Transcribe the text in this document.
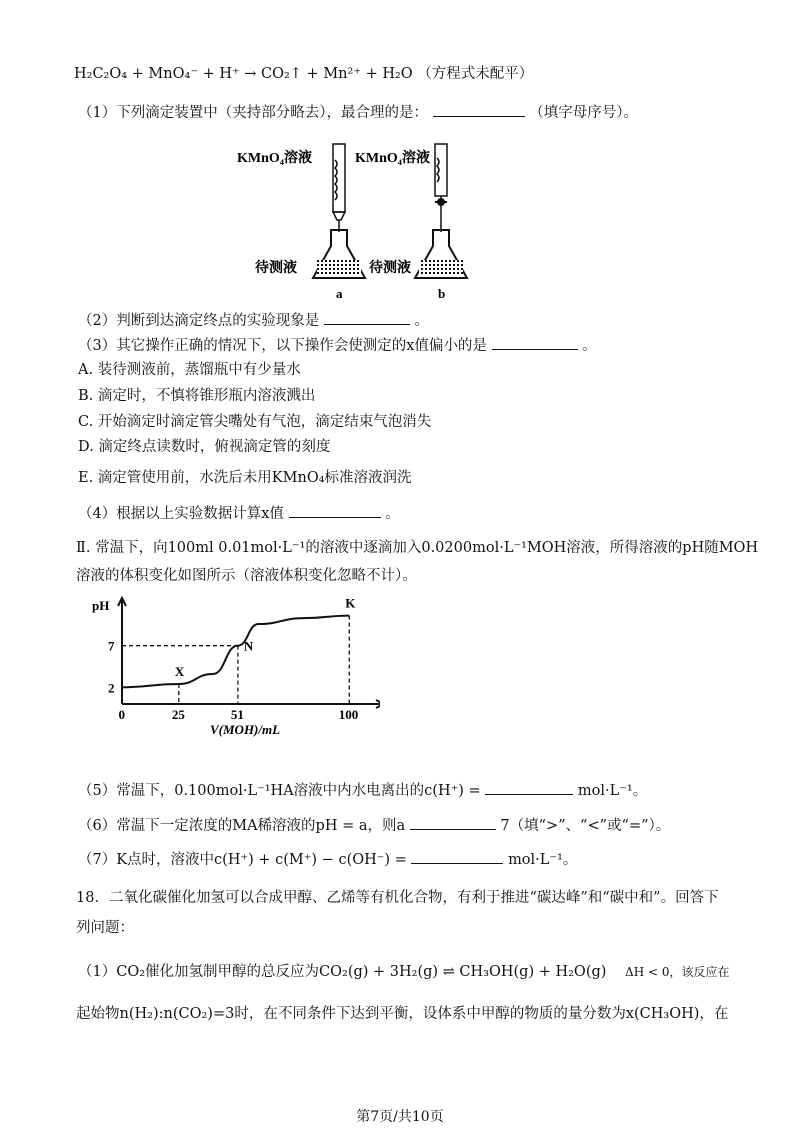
H₂C₂O₄ + MnO₄⁻ + H⁺ → CO₂↑ + Mn²⁺ + H₂O （方程式未配平）
（1）下列滴定装置中（夹持部分略去），最合理的是：	（填字母序号）。
KMnO₄溶液	KMnO₄溶液
待测液	待测液
a	b
（2）判断到达滴定终点的实验现象是	。
（3）其它操作正确的情况下，以下操作会使测定的x值偏小的是	。
A. 装待测液前，蒸馏瓶中有少量水
B. 滴定时，不慎将锥形瓶内溶液溅出
C. 开始滴定时滴定管尖嘴处有气泡，滴定结束气泡消失
D. 滴定终点读数时，俯视滴定管的刻度
E. 滴定管使用前，水洗后未用KMnO₄标准溶液润洗
（4）根据以上实验数据计算x值	。
Ⅱ. 常温下，向100ml 0.01mol·L⁻¹的溶液中逐滴加入0.0200mol·L⁻¹MOH溶液，所得溶液的pH随MOH
溶液的体积变化如图所示（溶液体积变化忽略不计）。
pH
V(MOH)/mL
0	25	51	100
2
7
X
N
K
（5）常温下，0.100mol·L⁻¹HA溶液中内水电离出的c(H⁺) =	mol·L⁻¹。
（6）常温下一定浓度的MA稀溶液的pH = a，则a	7（填“>”、“<”或“=”）。
（7）K点时，溶液中c(H⁺) + c(M⁺) − c(OH⁻) =	mol·L⁻¹。
18．二氧化碳催化加氢可以合成甲醇、乙烯等有机化合物，有利于推进“碳达峰”和“碳中和”。回答下
列问题：
（1）CO₂催化加氢制甲醇的总反应为CO₂(g) + 3H₂(g) ⇌ CH₃OH(g) + H₂O(g) ΔH < 0，该反应在
起始物n(H₂):n(CO₂)=3时，在不同条件下达到平衡，设体系中甲醇的物质的量分数为x(CH₃OH)，在
第7页/共10页
